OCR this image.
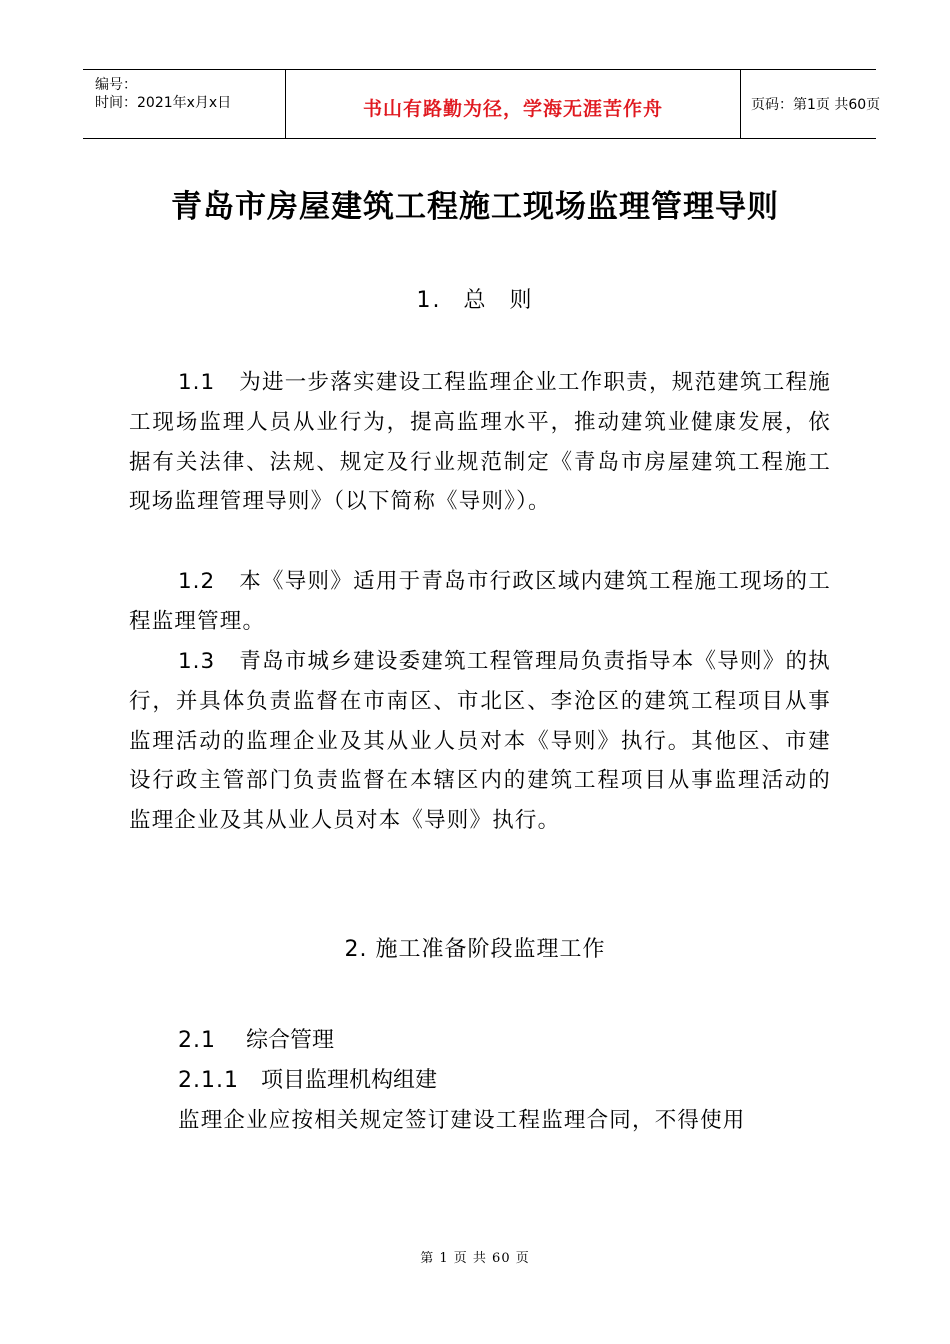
编号：
时间：2021年x月x日	书山有路勤为径，学海无涯苦作舟	页码：第1页 共60页
青岛市房屋建筑工程施工现场监理管理导则
1. 总 则
1.1 为进一步落实建设工程监理企业工作职责，规范建筑工程施工现场监理人员从业行为，提高监理水平，推动建筑业健康发展，依据有关法律、法规、规定及行业规范制定《青岛市房屋建筑工程施工现场监理管理导则》（以下简称《导则》）。
1.2 本《导则》适用于青岛市行政区域内建筑工程施工现场的工程监理管理。
1.3 青岛市城乡建设委建筑工程管理局负责指导本《导则》的执行，并具体负责监督在市南区、市北区、李沧区的建筑工程项目从事监理活动的监理企业及其从业人员对本《导则》执行。其他区、市建设行政主管部门负责监督在本辖区内的建筑工程项目从事监理活动的监理企业及其从业人员对本《导则》执行。
2. 施工准备阶段监理工作
2.1 综合管理
2.1.1 项目监理机构组建
监理企业应按相关规定签订建设工程监理合同，不得使用
第 1 页 共 60 页
